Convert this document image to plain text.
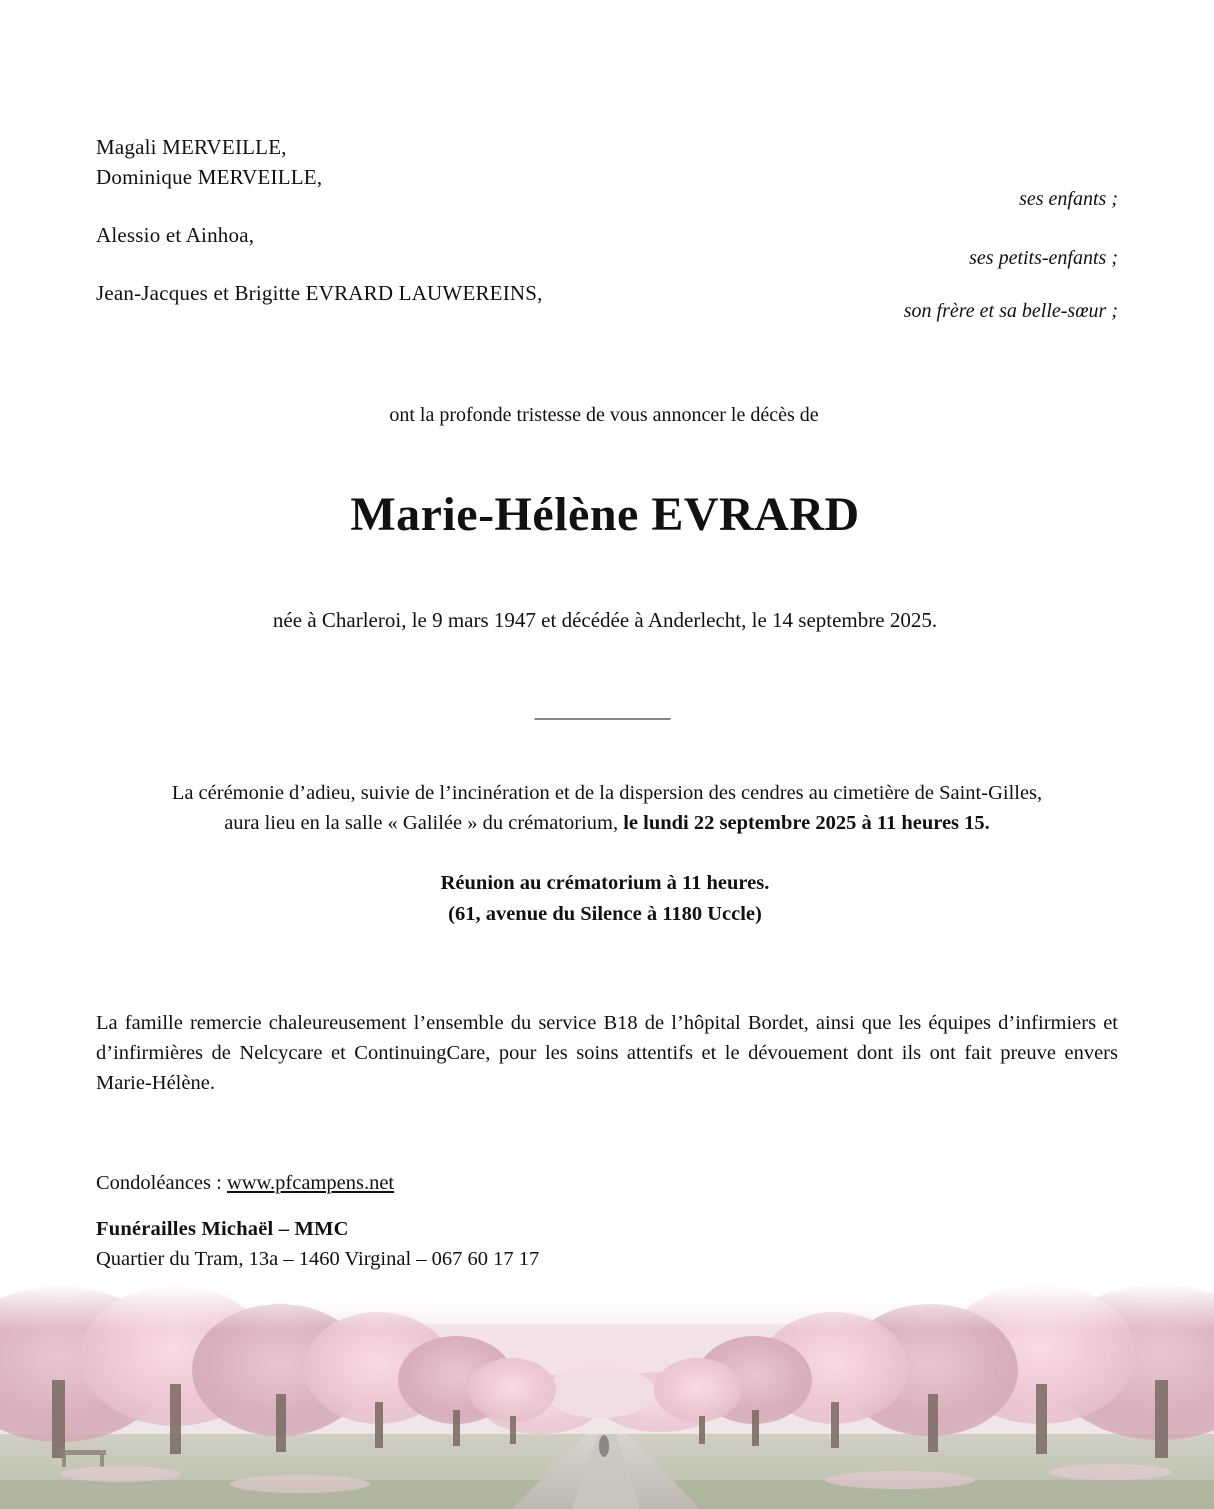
Magali MERVEILLE,
Dominique MERVEILLE,
ses enfants ;
Alessio et Ainhoa,
ses petits-enfants ;
Jean-Jacques et Brigitte EVRARD LAUWEREINS,
son frère et sa belle-sœur ;
ont la profonde tristesse de vous annoncer le décès de
Marie-Hélène EVRARD
née à Charleroi, le 9 mars 1947 et décédée à Anderlecht, le 14 septembre 2025.
_______________
La cérémonie d’adieu, suivie de l’incinération et de la dispersion des cendres au cimetière de Saint-Gilles,
aura lieu en la salle « Galilée » du crématorium, le lundi 22 septembre 2025 à 11 heures 15.
Réunion au crématorium à 11 heures.
(61, avenue du Silence à 1180 Uccle)
La famille remercie chaleureusement l’ensemble du service B18 de l’hôpital Bordet, ainsi que les équipes d’infirmiers et d’infirmières de Nelcycare et ContinuingCare, pour les soins attentifs et le dévouement dont ils ont fait preuve envers Marie-Hélène.
Condoléances : www.pfcampens.net
Funérailles Michaël – MMC
Quartier du Tram, 13a – 1460 Virginal – 067 60 17 17
